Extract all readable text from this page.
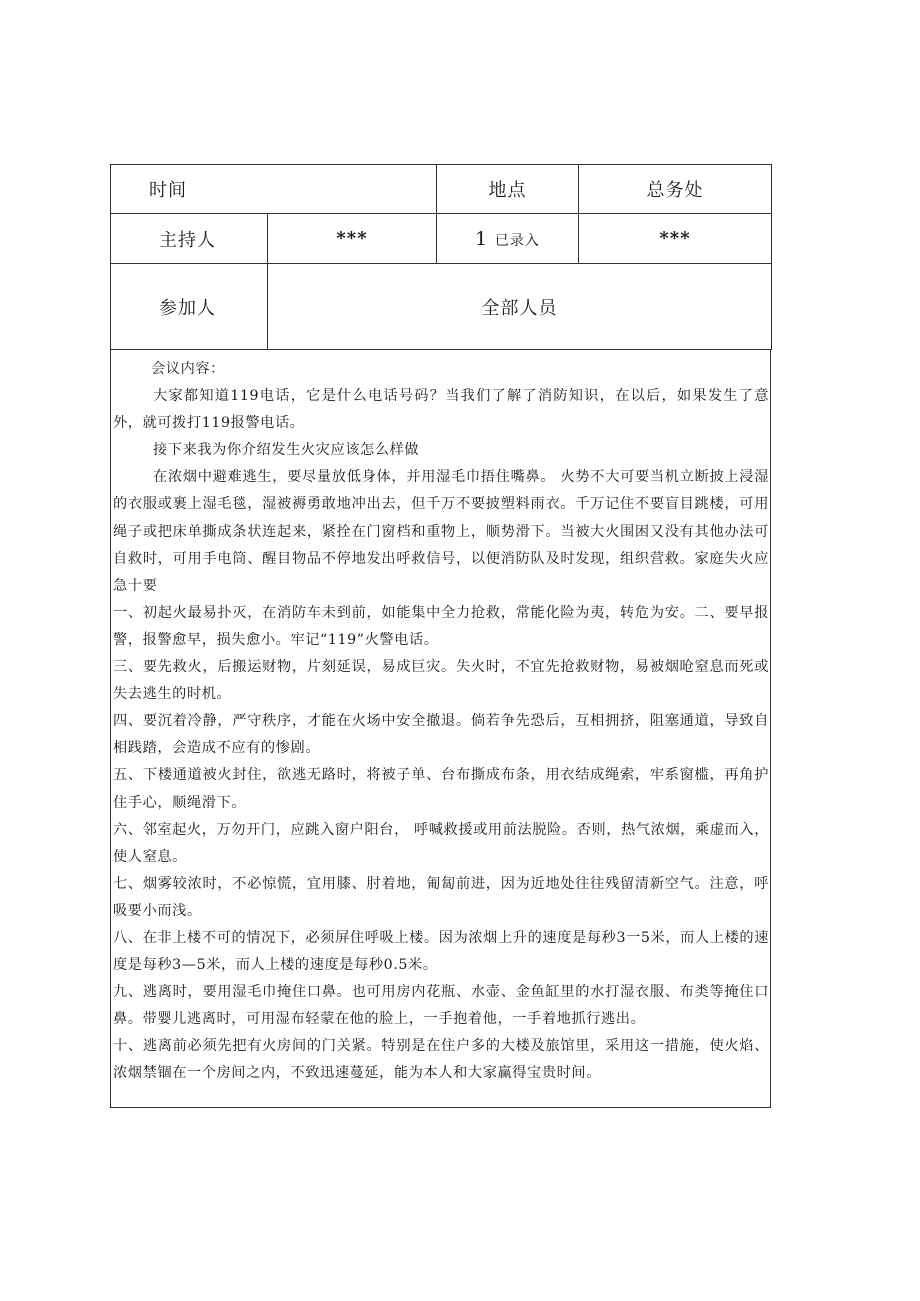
时间		地点	总务处
主持人	***	1 已录入	***
参加人	全部人员		

会议内容：

大家都知道119电话，它是什么电话号码？当我们了解了消防知识，在以后，如果发生了意外，就可拨打119报警电话。

接下来我为你介绍发生火灾应该怎么样做

在浓烟中避难逃生，要尽量放低身体，并用湿毛巾捂住嘴鼻。 火势不大可要当机立断披上浸湿的衣服或裹上湿毛毯，湿被褥勇敢地冲出去，但千万不要披塑料雨衣。千万记住不要盲目跳楼，可用绳子或把床单撕成条状连起来，紧拴在门窗档和重物上，顺势滑下。当被大火围困又没有其他办法可自救时，可用手电筒、醒目物品不停地发出呼救信号，以便消防队及时发现，组织营救。家庭失火应急十要

一、初起火最易扑灭，在消防车未到前，如能集中全力抢救，常能化险为夷，转危为安。二、要早报警，报警愈早，损失愈小。牢记“119”火警电话。

三、要先救火，后搬运财物，片刻延误，易成巨灾。失火时，不宜先抢救财物，易被烟呛窒息而死或失去逃生的时机。

四、要沉着冷静，严守秩序，才能在火场中安全撤退。倘若争先恐后，互相拥挤，阻塞通道，导致自相践踏，会造成不应有的惨剧。

五、下楼通道被火封住，欲逃无路时，将被子单、台布撕成布条，用衣结成绳索，牢系窗槛，再角护住手心，顺绳滑下。

六、邻室起火，万勿开门，应跳入窗户阳台， 呼喊救援或用前法脱险。否则，热气浓烟，乘虚而入，使人窒息。

七、烟雾较浓时，不必惊慌，宜用膝、肘着地，匍匐前进，因为近地处往往残留清新空气。注意，呼吸要小而浅。

八、在非上楼不可的情况下，必须屏住呼吸上楼。因为浓烟上升的速度是每秒3一5米，而人上楼的速度是每秒3—5米，而人上楼的速度是每秒0.5米。

九、逃离时，要用湿毛巾掩住口鼻。也可用房内花瓶、水壶、金鱼缸里的水打湿衣服、布类等掩住口鼻。带婴儿逃离时，可用湿布轻蒙在他的脸上，一手抱着他，一手着地抓行逃出。

十、逃离前必须先把有火房间的门关紧。特别是在住户多的大楼及旅馆里，采用这一措施，使火焰、浓烟禁锢在一个房间之内，不致迅速蔓延，能为本人和大家赢得宝贵时间。
